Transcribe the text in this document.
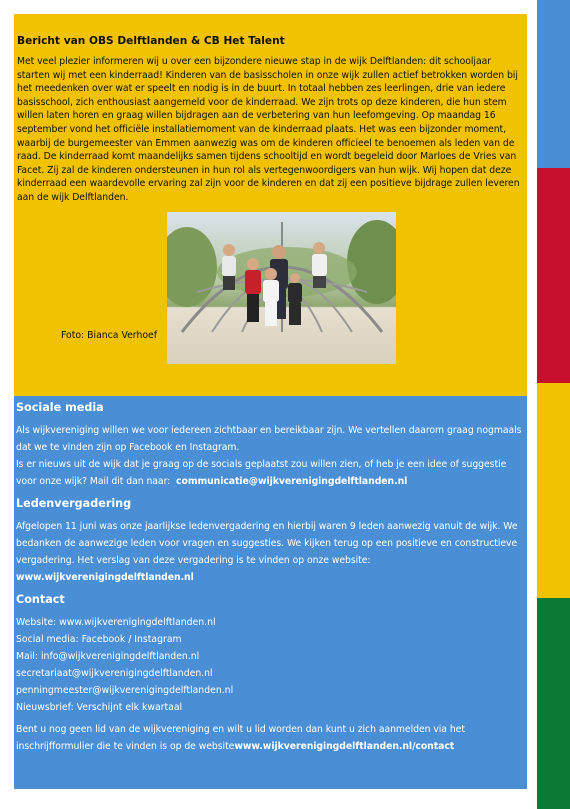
Bericht van OBS Delftlanden & CB Het Talent

Met veel plezier informeren wij u over een bijzondere nieuwe stap in de wijk Delftlanden: dit schooljaar starten wij met een kinderraad! Kinderen van de basisscholen in onze wijk zullen actief betrokken worden bij het meedenken over wat er speelt en nodig is in de buurt. In totaal hebben zes leerlingen, drie van iedere basisschool, zich enthousiast aangemeld voor de kinderraad. We zijn trots op deze kinderen, die hun stem willen laten horen en graag willen bijdragen aan de verbetering van hun leefomgeving. Op maandag 16 september vond het officiële installatiemoment van de kinderraad plaats. Het was een bijzonder moment, waarbij de burgemeester van Emmen aanwezig was om de kinderen officieel te benoemen als leden van de raad. De kinderraad komt maandelijks samen tijdens schooltijd en wordt begeleid door Marloes de Vries van Facet. Zij zal de kinderen ondersteunen in hun rol als vertegenwoordigers van hun wijk. Wij hopen dat deze kinderraad een waardevolle ervaring zal zijn voor de kinderen en dat zij een positieve bijdrage zullen leveren aan de wijk Delftlanden.

Foto: Bianca Verhoef
Sociale media

Als wijkvereniging willen we voor iedereen zichtbaar en bereikbaar zijn. We vertellen daarom graag nogmaals dat we te vinden zijn op Facebook en Instagram.

Is er nieuws uit de wijk dat je graag op de socials geplaatst zou willen zien, of heb je een idee of suggestie voor onze wijk? Mail dit dan naar: communicatie@wijkverenigingdelftlanden.nl

Ledenvergadering

Afgelopen 11 juni was onze jaarlijkse ledenvergadering en hierbij waren 9 leden aanwezig vanuit de wijk. We bedanken de aanwezige leden voor vragen en suggesties. We kijken terug op een positieve en constructieve vergadering. Het verslag van deze vergadering is te vinden op onze website:

www.wijkverenigingdelftlanden.nl

Contact
Website: www.wijkverenigingdelftlanden.nl
Social media: Facebook / Instagram
Mail: info@wijkverenigingdelftlanden.nl
secretariaat@wijkverenigingdelftlanden.nl
penningmeester@wijkverenigingdelftlanden.nl
Nieuwsbrief: Verschijnt elk kwartaal

Bent u nog geen lid van de wijkvereniging en wilt u lid worden dan kunt u zich aanmelden via het inschrijfformulier die te vinden is op de websitewww.wijkverenigingdelftlanden.nl/contact
